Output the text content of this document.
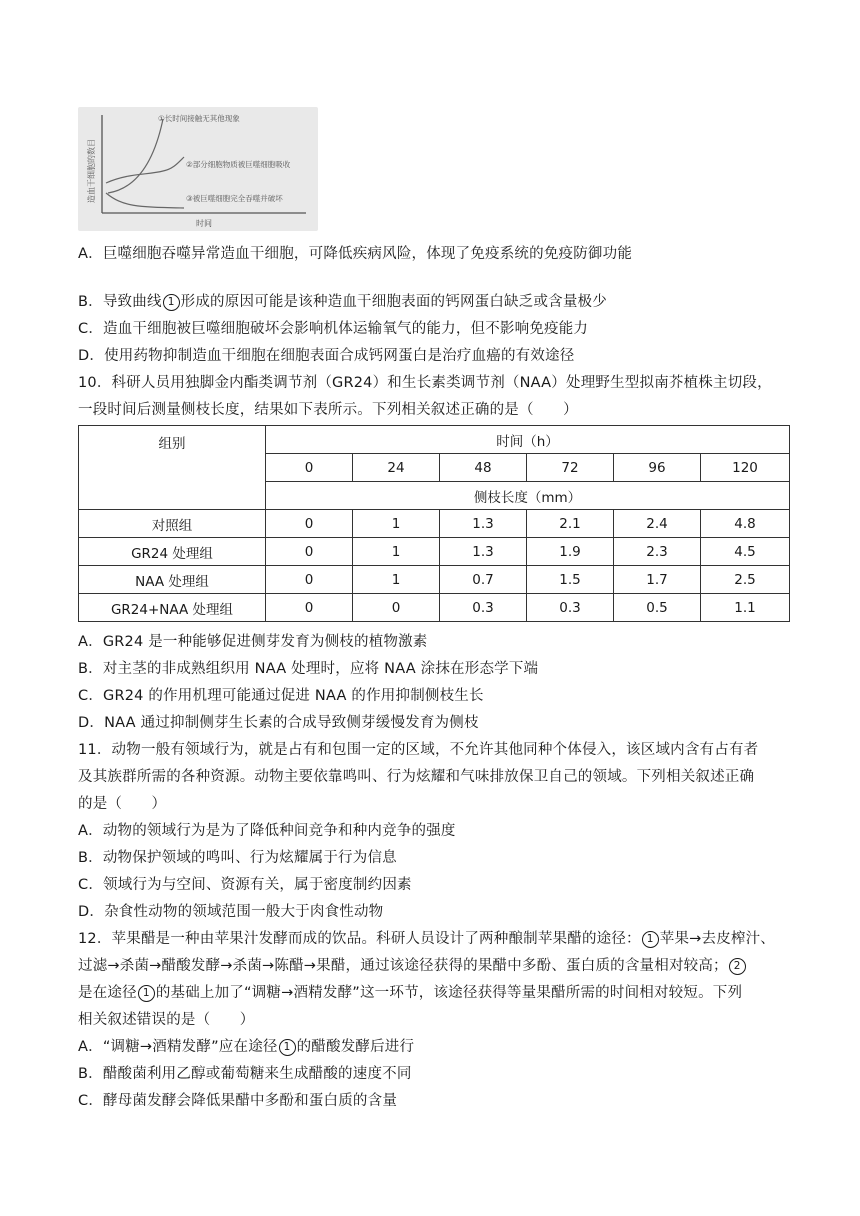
造血干细胞的数目
①长时间接触无其他现象
②部分细胞物质被巨噬细胞吸收
③被巨噬细胞完全吞噬并破坏
时间
A．巨噬细胞吞噬异常造血干细胞，可降低疾病风险，体现了免疫系统的免疫防御功能
B．导致曲线 1 形成的原因可能是该种造血干细胞表面的钙网蛋白缺乏或含量极少
C．造血干细胞被巨噬细胞破坏会影响机体运输氧气的能力，但不影响免疫能力
D．使用药物抑制造血干细胞在细胞表面合成钙网蛋白是治疗血癌的有效途径
10．科研人员用独脚金内酯类调节剂（GR24）和生长素类调节剂（NAA）处理野生型拟南芥植株主切段，
一段时间后测量侧枝长度，结果如下表所示。下列相关叙述正确的是（　　）
组别	时间（h）					
	0	24	48	72	96	120
	侧枝长度（mm）					
对照组	0	1	1.3	2.1	2.4	4.8
GR24 处理组	0	1	1.3	1.9	2.3	4.5
NAA 处理组	0	1	0.7	1.5	1.7	2.5
GR24+NAA 处理组	0	0	0.3	0.3	0.5	1.1
A．GR24 是一种能够促进侧芽发育为侧枝的植物激素
B．对主茎的非成熟组织用 NAA 处理时，应将 NAA 涂抹在形态学下端
C．GR24 的作用机理可能通过促进 NAA 的作用抑制侧枝生长
D．NAA 通过抑制侧芽生长素的合成导致侧芽缓慢发育为侧枝
11．动物一般有领域行为，就是占有和包围一定的区域，不允许其他同种个体侵入，该区域内含有占有者
及其族群所需的各种资源。动物主要依靠鸣叫、行为炫耀和气味排放保卫自己的领域。下列相关叙述正确
的是（　　）
A．动物的领域行为是为了降低种间竞争和种内竞争的强度
B．动物保护领域的鸣叫、行为炫耀属于行为信息
C．领域行为与空间、资源有关，属于密度制约因素
D．杂食性动物的领域范围一般大于肉食性动物
12．苹果醋是一种由苹果汁发酵而成的饮品。科研人员设计了两种酿制苹果醋的途径： 1 苹果→去皮榨汁、
过滤→杀菌→醋酸发酵→杀菌→陈醋→果醋，通过该途径获得的果醋中多酚、蛋白质的含量相对较高； 2
是在途径 1 的基础上加了“调糖→酒精发酵”这一环节，该途径获得等量果醋所需的时间相对较短。下列
相关叙述错误的是（　　）
A．“调糖→酒精发酵”应在途径 1 的醋酸发酵后进行
B．醋酸菌利用乙醇或葡萄糖来生成醋酸的速度不同
C．酵母菌发酵会降低果醋中多酚和蛋白质的含量
